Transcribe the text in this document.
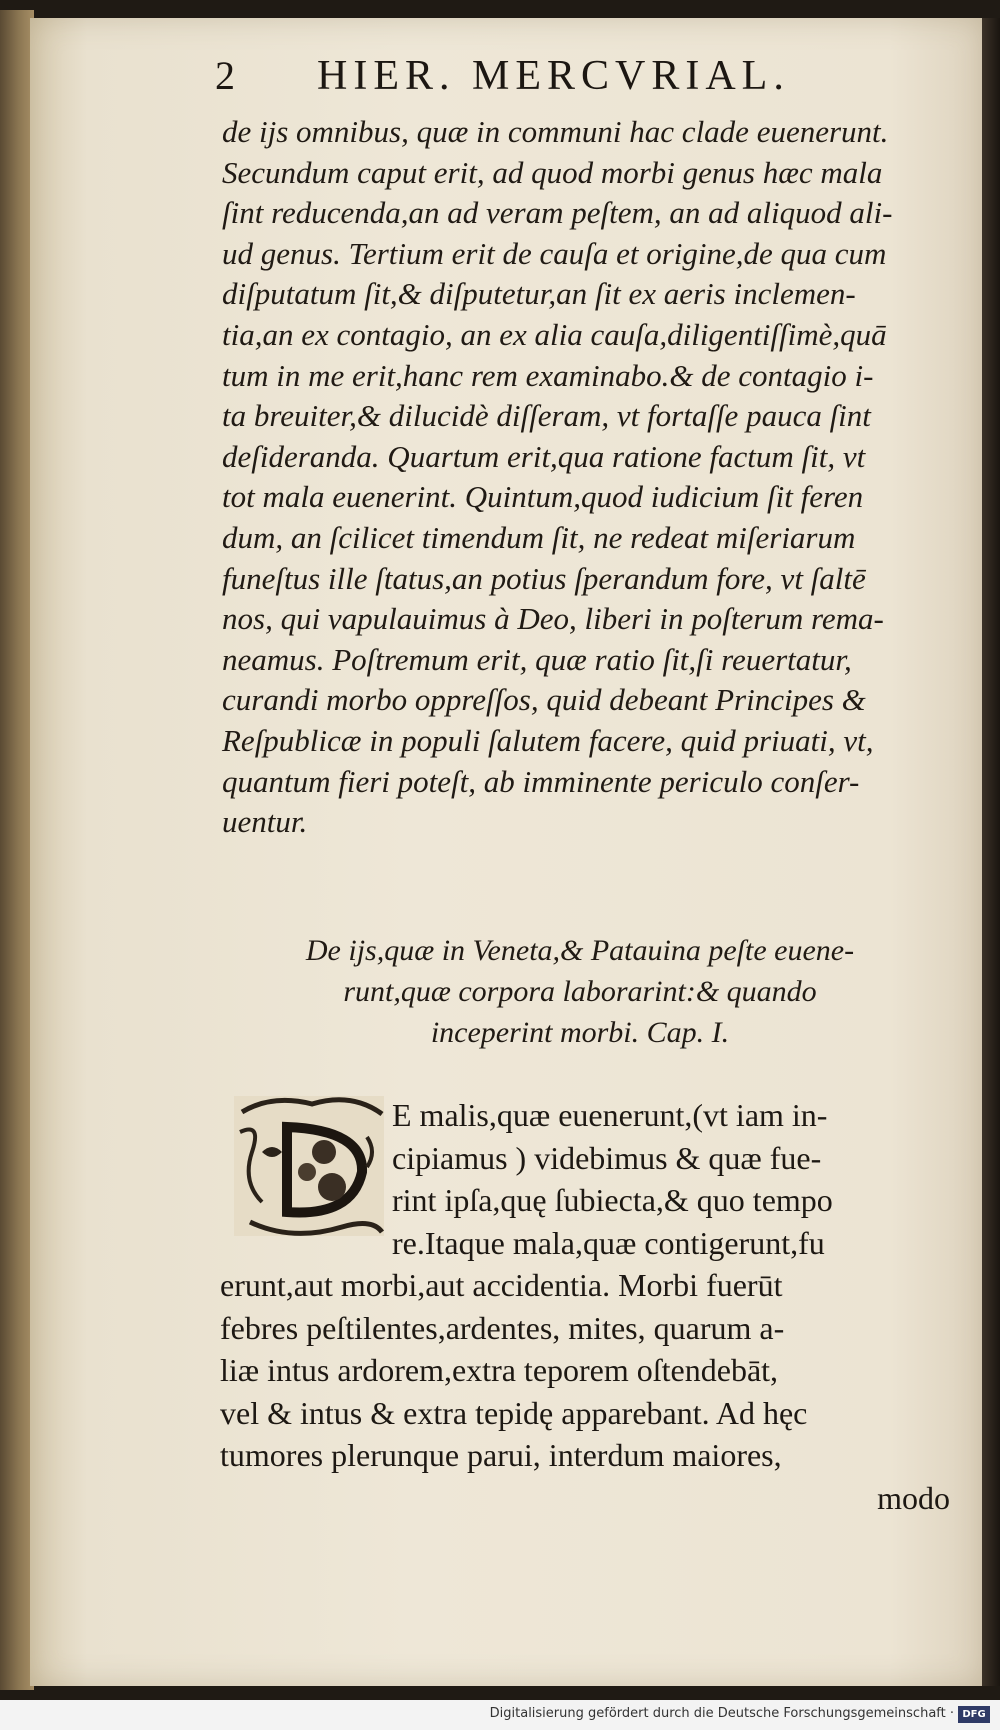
2 HIER. MERCVRIAL.
de ijs omnibus, quæ in communi hac clade euenerunt.
Secundum caput erit, ad quod morbi genus hæc mala
ſint reducenda,an ad veram peſtem, an ad aliquod ali-
ud genus. Tertium erit de cauſa et origine,de qua cum
diſputatum ſit,& diſputetur,an ſit ex aeris inclemen-
tia,an ex contagio, an ex alia cauſa,diligentiſſimè,quā
tum in me erit,hanc rem examinabo.& de contagio i-
ta breuiter,& dilucidè diſſeram, vt fortaſſe pauca ſint
deſideranda. Quartum erit,qua ratione factum ſit, vt
tot mala euenerint. Quintum,quod iudicium ſit feren
dum, an ſcilicet timendum ſit, ne redeat miſeriarum
funeſtus ille ſtatus,an potius ſperandum fore, vt ſaltē
nos, qui vapulauimus à Deo, liberi in poſterum rema-
neamus. Poſtremum erit, quæ ratio ſit,ſi reuertatur,
curandi morbo oppreſſos, quid debeant Principes &
Reſpublicæ in populi ſalutem facere, quid priuati, vt,
quantum fieri poteſt, ab imminente periculo conſer-
uentur.
De ijs,quæ in Veneta,& Patauina peſte euene-
runt,quæ corpora laborarint:& quando
inceperint morbi. Cap. I.
E malis,quæ euenerunt,(vt iam in-
cipiamus ) videbimus & quæ fue-
rint ipſa,quę ſubiecta,& quo tempo
re.Itaque mala,quæ contigerunt,fu
erunt,aut morbi,aut accidentia. Morbi fuerūt
febres peſtilentes,ardentes, mites, quarum a-
liæ intus ardorem,extra teporem oſtendebāt,
vel & intus & extra tepidę apparebant. Ad hęc
tumores plerunque parui, interdum maiores,
modo
Digitalisierung gefördert durch die Deutsche Forschungsgemeinschaft · DFG
